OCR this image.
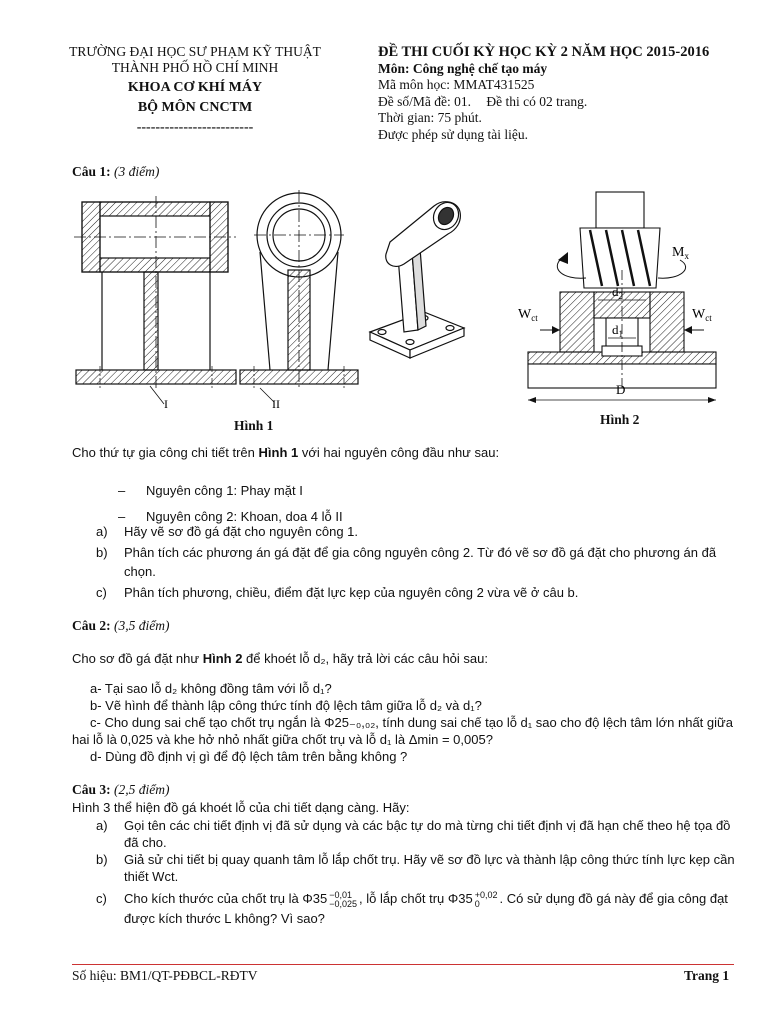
TRƯỜNG ĐẠI HỌC SƯ PHẠM KỸ THUẬT
THÀNH PHỐ HỒ CHÍ MINH
KHOA CƠ KHÍ MÁY
BỘ MÔN CNCTM
-------------------------
ĐỀ THI CUỐI KỲ HỌC KỲ 2 NĂM HỌC 2015-2016
Môn: Công nghệ chế tạo máy
Mã môn học: MMAT431525
Đề số/Mã đề: 01. Đề thi có 02 trang.
Thời gian: 75 phút.
Được phép sử dụng tài liệu.
Câu 1: (3 điểm)
I	II
Hình 1
$M_x$
$W_{ct}$	$W_{ct}$
$d_2$
$d_1$
D
Hình 2
Cho thứ tự gia công chi tiết trên Hình 1 với hai nguyên công đầu như sau:
– Nguyên công 1: Phay mặt I
– Nguyên công 2: Khoan, doa 4 lỗ II
a) Hãy vẽ sơ đồ gá đặt cho nguyên công 1.
b) Phân tích các phương án gá đặt để gia công nguyên công 2. Từ đó vẽ sơ đồ gá đặt cho phương án đã chọn.
c) Phân tích phương, chiều, điểm đặt lực kẹp của nguyên công 2 vừa vẽ ở câu b.
Câu 2: (3,5 điểm)
Cho sơ đồ gá đặt như Hình 2 để khoét lỗ d₂, hãy trả lời các câu hỏi sau:
a- Tại sao lỗ d₂ không đồng tâm với lỗ d₁?
b- Vẽ hình để thành lập công thức tính độ lệch tâm giữa lỗ d₂ và d₁?
c- Cho dung sai chế tạo chốt trụ ngắn là Φ25₋₀,₀₂, tính dung sai chế tạo lỗ d₁ sao cho độ lệch tâm lớn nhất giữa hai lỗ là 0,025 và khe hở nhỏ nhất giữa chốt trụ và lỗ d₁ là Δmin = 0,005?
d- Dùng đồ định vị gì để độ lệch tâm trên bằng không ?
Câu 3: (2,5 điểm)
Hình 3 thể hiện đồ gá khoét lỗ của chi tiết dạng càng. Hãy:
a) Gọi tên các chi tiết định vị đã sử dụng và các bậc tự do mà từng chi tiết định vị đã hạn chế theo hệ tọa đồ đã cho.
b) Giả sử chi tiết bị quay quanh tâm lỗ lắp chốt trụ. Hãy vẽ sơ đồ lực và thành lập công thức tính lực kẹp cần thiết Wct.
c) Cho kích thước của chốt trụ là Φ35 −0,01
−0,025 , lỗ lắp chốt trụ Φ35 +0,02
0	. Có sử dụng đồ gá này để gia công đạt được kích thước L không? Vì sao?
Số hiệu: BM1/QT-PĐBCL-RĐTV	Trang 1
